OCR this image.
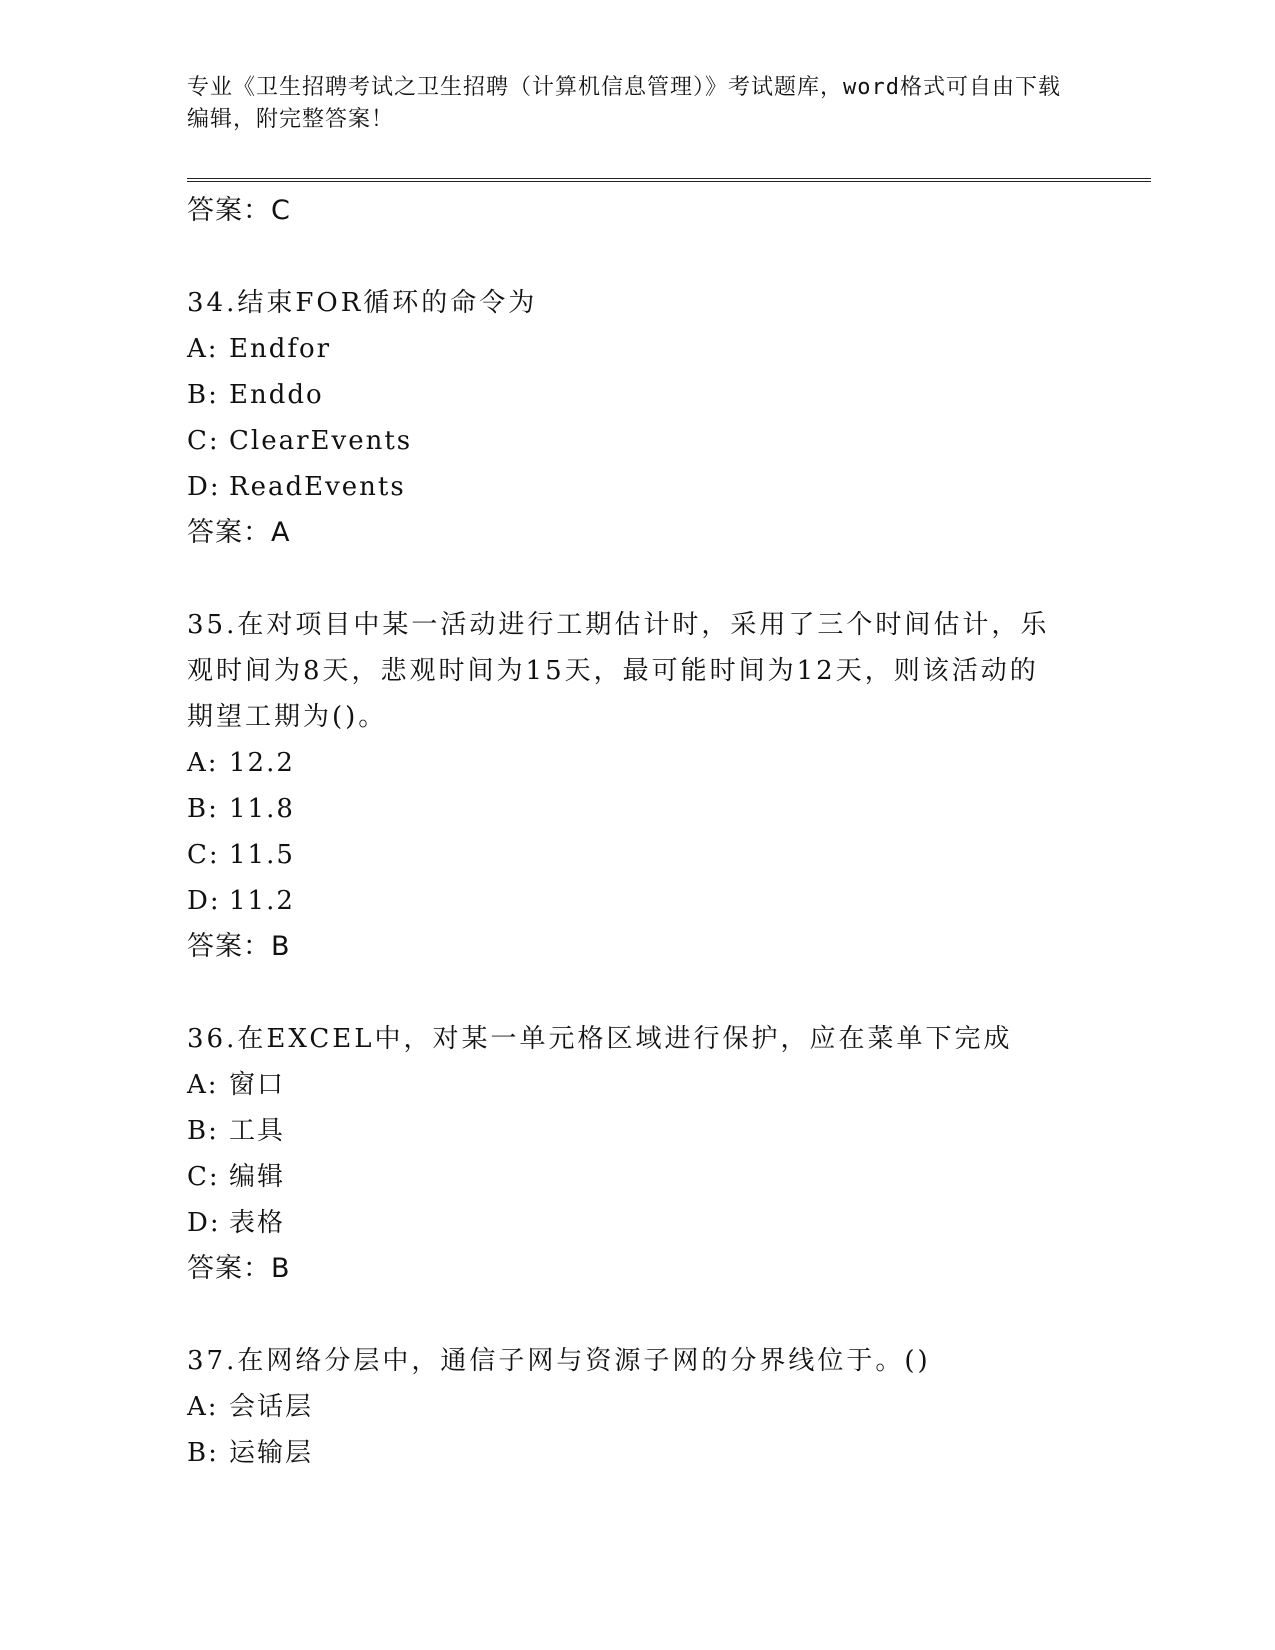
专业《卫生招聘考试之卫生招聘（计算机信息管理）》考试题库，word格式可自由下载编辑，附完整答案！
答案：C
34.结束FOR循环的命令为
A: Endfor
B: Enddo
C: ClearEvents
D: ReadEvents
答案：A
35.在对项目中某一活动进行工期估计时，采用了三个时间估计，乐观时间为8天，悲观时间为15天，最可能时间为12天，则该活动的期望工期为()。
A: 12.2
B: 11.8
C: 11.5
D: 11.2
答案：B
36.在EXCEL中，对某一单元格区域进行保护，应在菜单下完成
A: 窗口
B: 工具
C: 编辑
D: 表格
答案：B
37.在网络分层中，通信子网与资源子网的分界线位于。()
A: 会话层
B: 运输层
